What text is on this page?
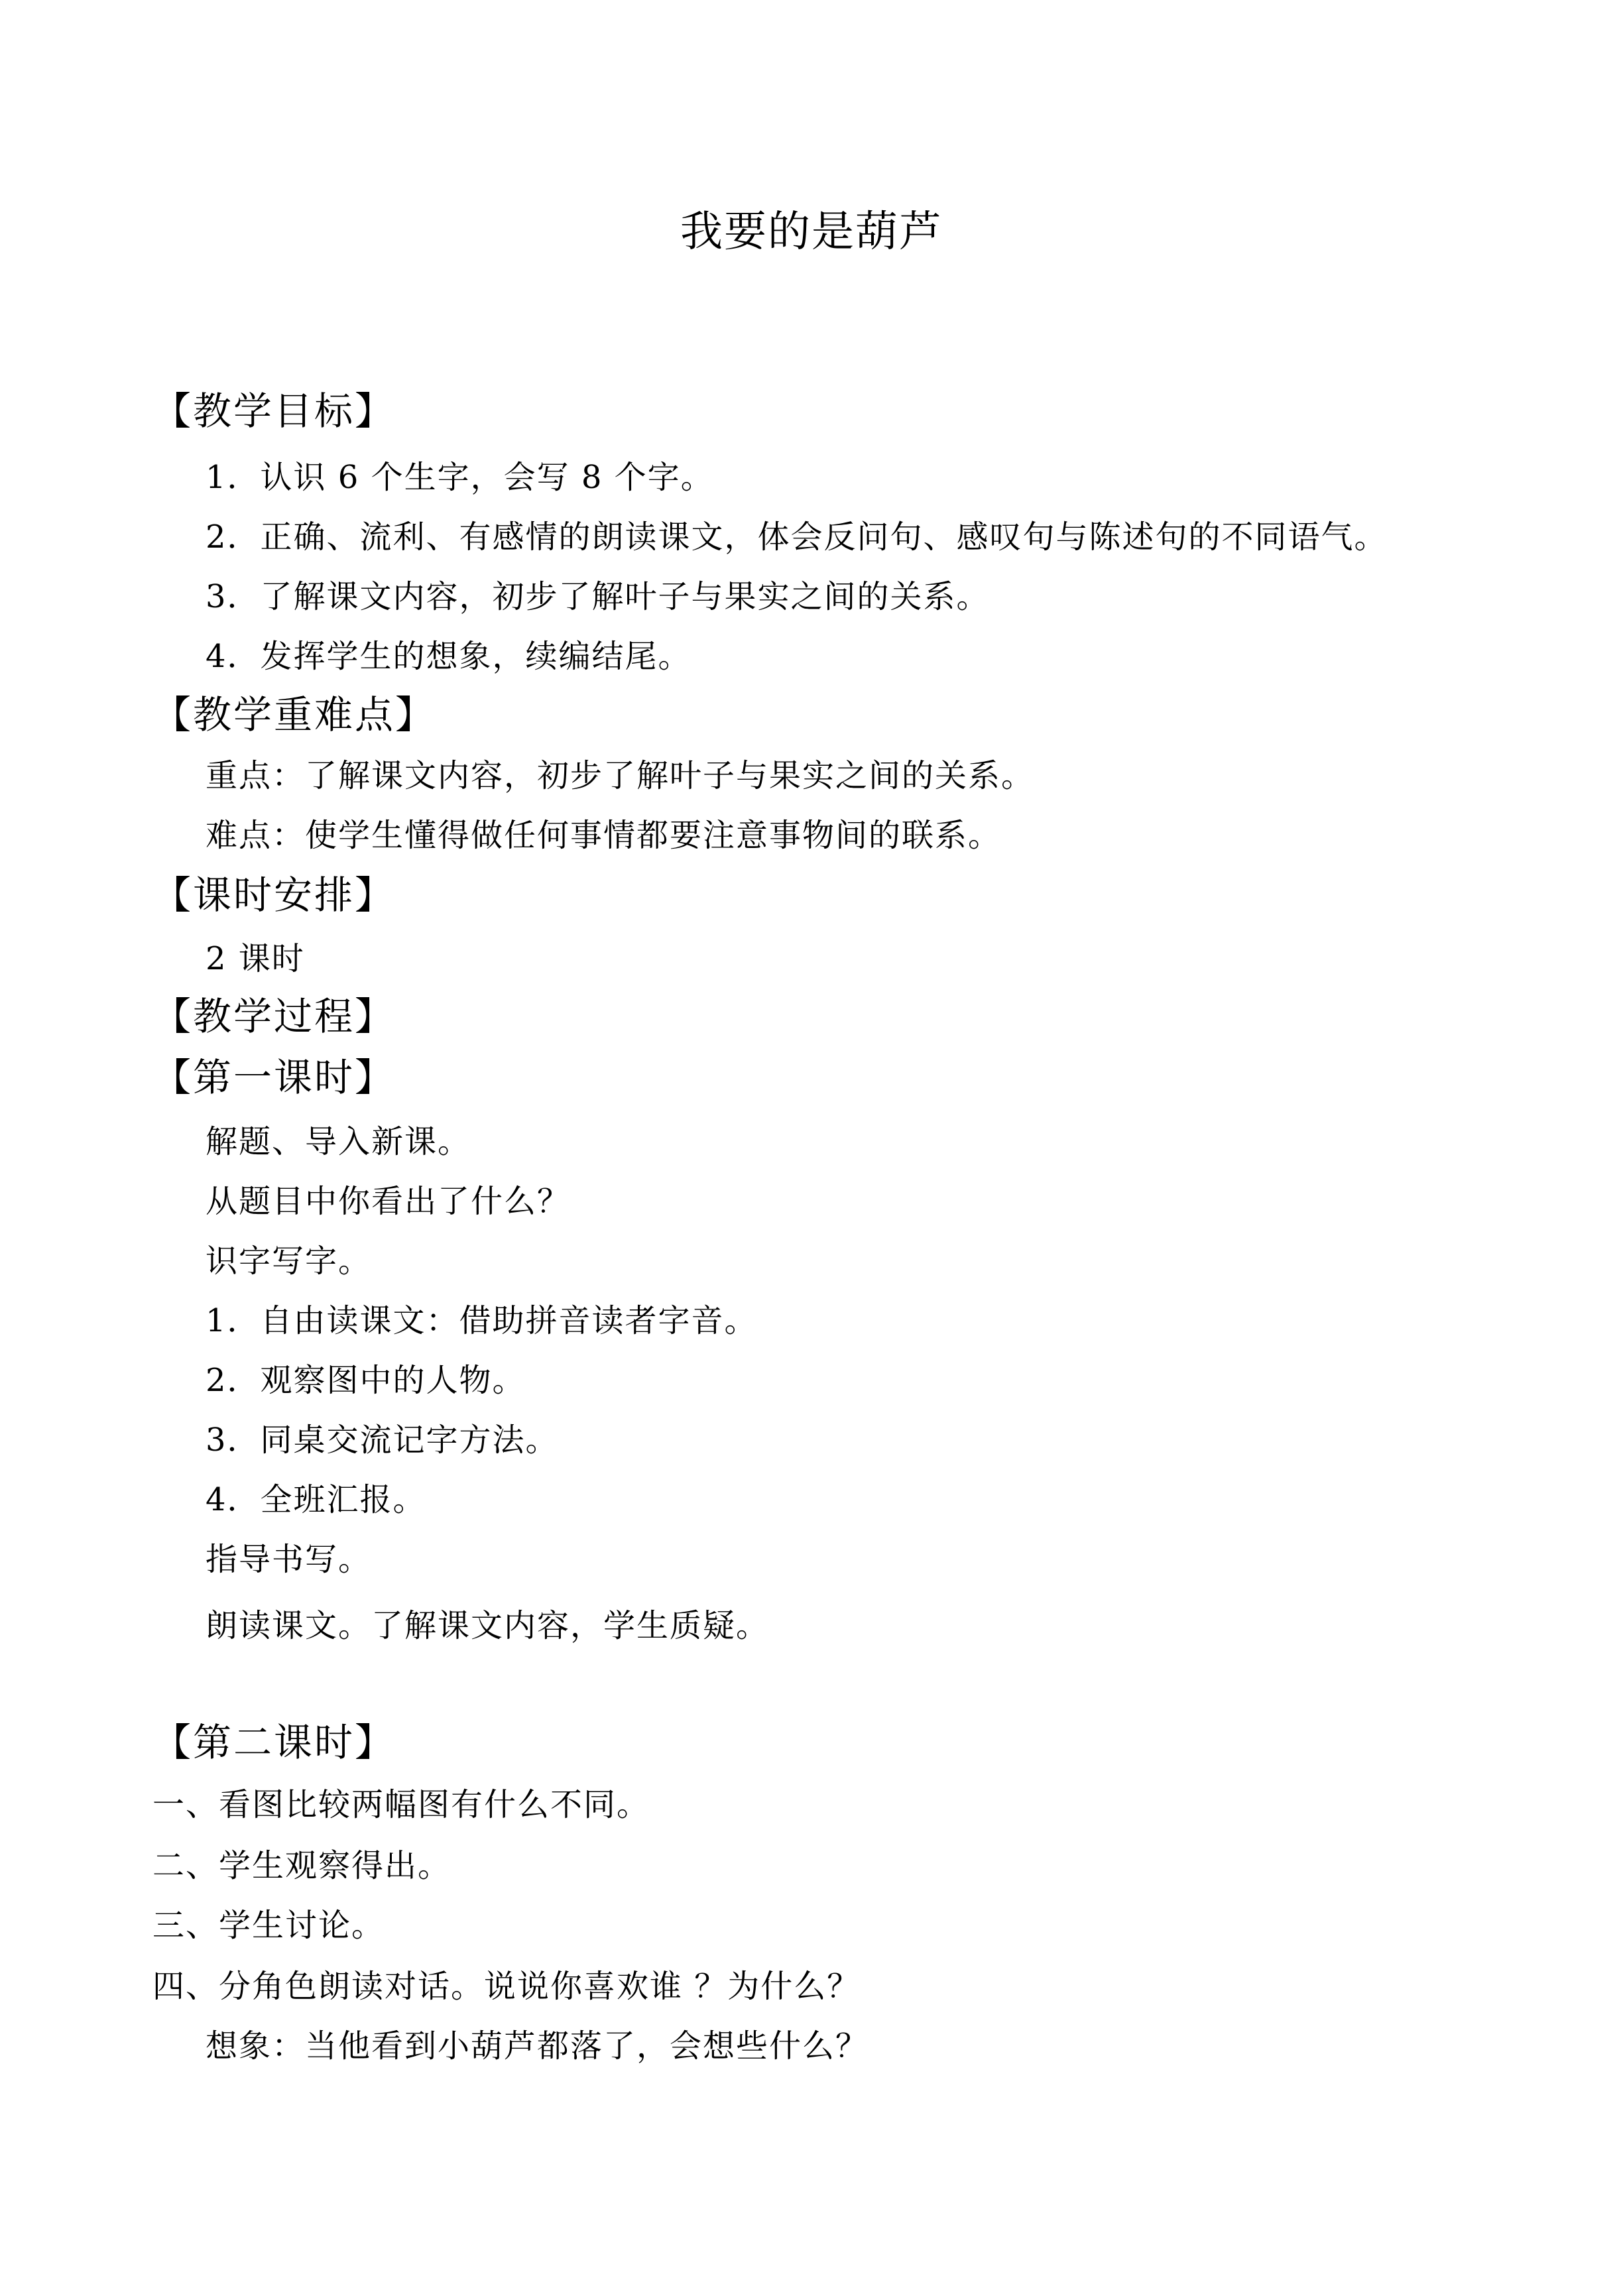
我要的是葫芦
【教学目标】
1．认识 6 个生字，会写 8 个字。
2．正确、流利、有感情的朗读课文，体会反问句、感叹句与陈述句的不同语气。
3．了解课文内容，初步了解叶子与果实之间的关系。
4．发挥学生的想象，续编结尾。
【教学重难点】
重点：了解课文内容，初步了解叶子与果实之间的关系。
难点：使学生懂得做任何事情都要注意事物间的联系。
【课时安排】
2 课时
【教学过程】
【第一课时】
解题、导入新课。
从题目中你看出了什么？
识字写字。
1．自由读课文：借助拼音读者字音。
2．观察图中的人物。
3．同桌交流记字方法。
4．全班汇报。
指导书写。
朗读课文。了解课文内容，学生质疑。
【第二课时】
一、看图比较两幅图有什么不同。
二、学生观察得出。
三、学生讨论。
四、分角色朗读对话。说说你喜欢谁 ？为什么？
想象：当他看到小葫芦都落了，会想些什么？
